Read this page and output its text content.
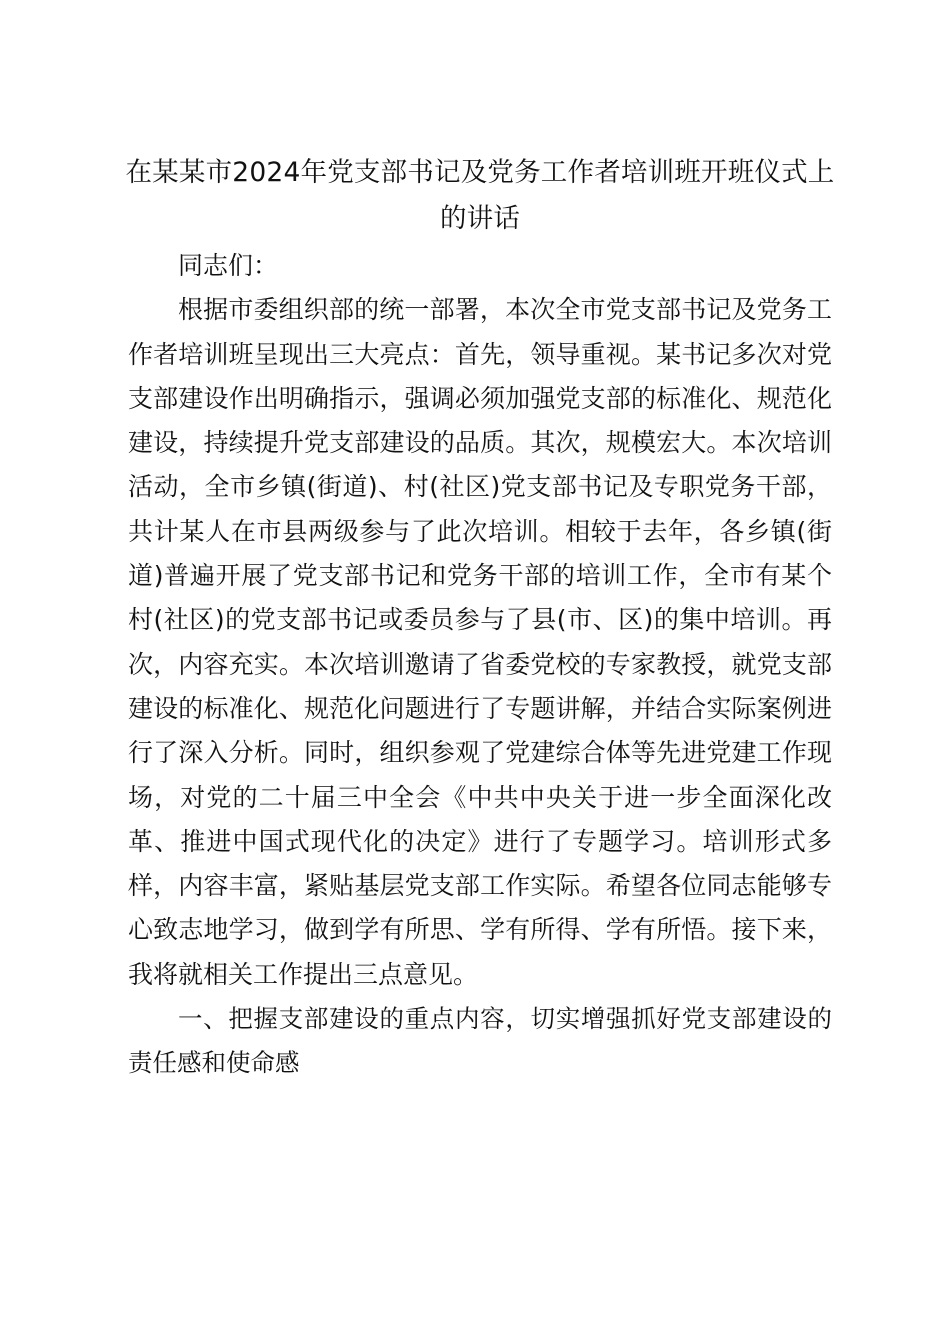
在某某市2024年党支部书记及党务工作者培训班开班仪式上的讲话

同志们：

根据市委组织部的统一部署，本次全市党支部书记及党务工作者培训班呈现出三大亮点：首先，领导重视。某书记多次对党支部建设作出明确指示，强调必须加强党支部的标准化、规范化建设，持续提升党支部建设的品质。其次，规模宏大。本次培训活动，全市乡镇(街道)、村(社区)党支部书记及专职党务干部，共计某人在市县两级参与了此次培训。相较于去年，各乡镇(街道)普遍开展了党支部书记和党务干部的培训工作，全市有某个村(社区)的党支部书记或委员参与了县(市、区)的集中培训。再次，内容充实。本次培训邀请了省委党校的专家教授，就党支部建设的标准化、规范化问题进行了专题讲解，并结合实际案例进行了深入分析。同时，组织参观了党建综合体等先进党建工作现场，对党的二十届三中全会《中共中央关于进一步全面深化改革、推进中国式现代化的决定》进行了专题学习。培训形式多样，内容丰富，紧贴基层党支部工作实际。希望各位同志能够专心致志地学习，做到学有所思、学有所得、学有所悟。接下来，我将就相关工作提出三点意见。

一、把握支部建设的重点内容，切实增强抓好党支部建设的责任感和使命感
